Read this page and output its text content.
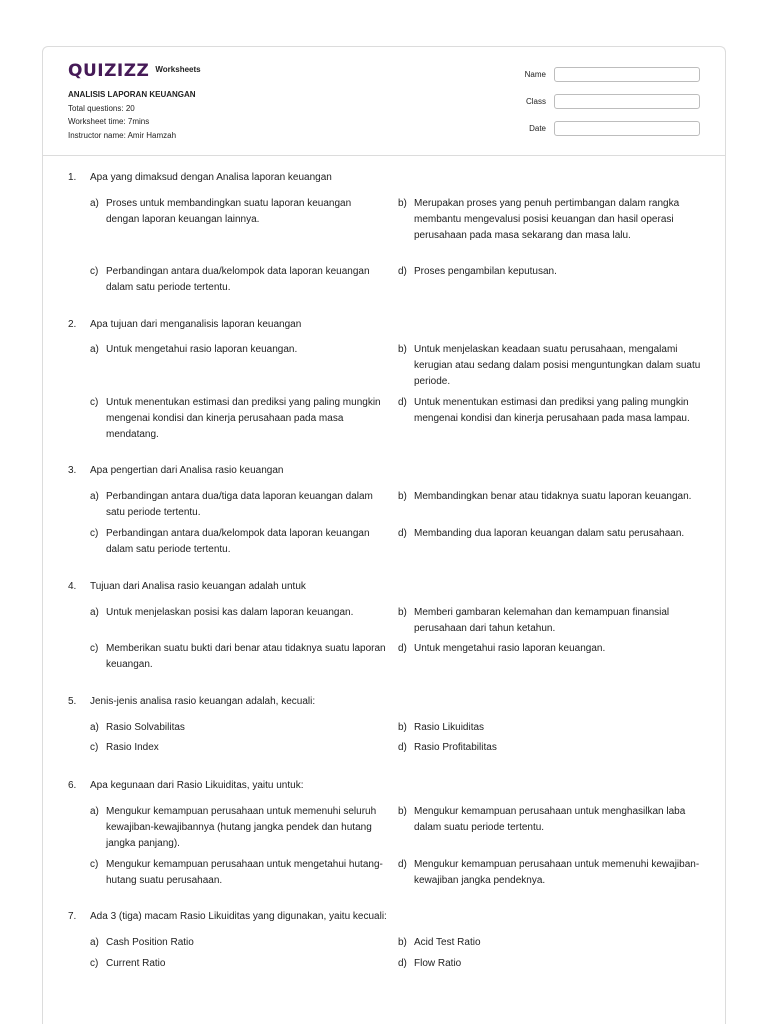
QUIZIZZ Worksheets
ANALISIS LAPORAN KEUANGAN
Total questions: 20
Worksheet time: 7mins
Instructor name: Amir Hamzah
Name
Class
Date
1.	Apa yang dimaksud dengan Analisa laporan keuangan
a) Proses untuk membandingkan suatu laporan keuangan dengan laporan keuangan lainnya.
b) Merupakan proses yang penuh pertimbangan dalam rangka membantu mengevalusi posisi keuangan dan hasil operasi perusahaan pada masa sekarang dan masa lalu.
c) Perbandingan antara dua/kelompok data laporan keuangan dalam satu periode tertentu.
d) Proses pengambilan keputusan.
2.	Apa tujuan dari menganalisis laporan keuangan
a) Untuk mengetahui rasio laporan keuangan.	b) Untuk menjelaskan keadaan suatu perusahaan, mengalami kerugian atau sedang dalam posisi menguntungkan dalam suatu periode.
c) Untuk menentukan estimasi dan prediksi yang paling mungkin mengenai kondisi dan kinerja perusahaan pada masa mendatang.
d) Untuk menentukan estimasi dan prediksi yang paling mungkin mengenai kondisi dan kinerja perusahaan pada masa lampau.
3.	Apa pengertian dari Analisa rasio keuangan
a) Perbandingan antara dua/tiga data laporan keuangan dalam satu periode tertentu.
b) Membandingkan benar atau tidaknya suatu laporan keuangan.
c) Perbandingan antara dua/kelompok data laporan keuangan dalam satu periode tertentu.
d) Membanding dua laporan keuangan dalam satu perusahaan.
4.	Tujuan dari Analisa rasio keuangan adalah untuk
a) Untuk menjelaskan posisi kas dalam laporan keuangan.	b) Memberi gambaran kelemahan dan kemampuan finansial perusahaan dari tahun ketahun.
c) Memberikan suatu bukti dari benar atau tidaknya suatu laporan keuangan.
d) Untuk mengetahui rasio laporan keuangan.
5.	Jenis-jenis analisa rasio keuangan adalah, kecuali:
a) Rasio Solvabilitas	b) Rasio Likuiditas
c) Rasio Index	d) Rasio Profitabilitas
6.	Apa kegunaan dari Rasio Likuiditas, yaitu untuk:
a) Mengukur kemampuan perusahaan untuk memenuhi seluruh kewajiban-kewajibannya (hutang jangka pendek dan hutang jangka panjang).
b) Mengukur kemampuan perusahaan untuk menghasilkan laba dalam suatu periode tertentu.
c) Mengukur kemampuan perusahaan untuk mengetahui hutang-hutang suatu perusahaan.
d) Mengukur kemampuan perusahaan untuk memenuhi kewajiban-kewajiban jangka pendeknya.
7.	Ada 3 (tiga) macam Rasio Likuiditas yang digunakan, yaitu kecuali:
a) Cash Position Ratio	b) Acid Test Ratio
c) Current Ratio	d) Flow Ratio
